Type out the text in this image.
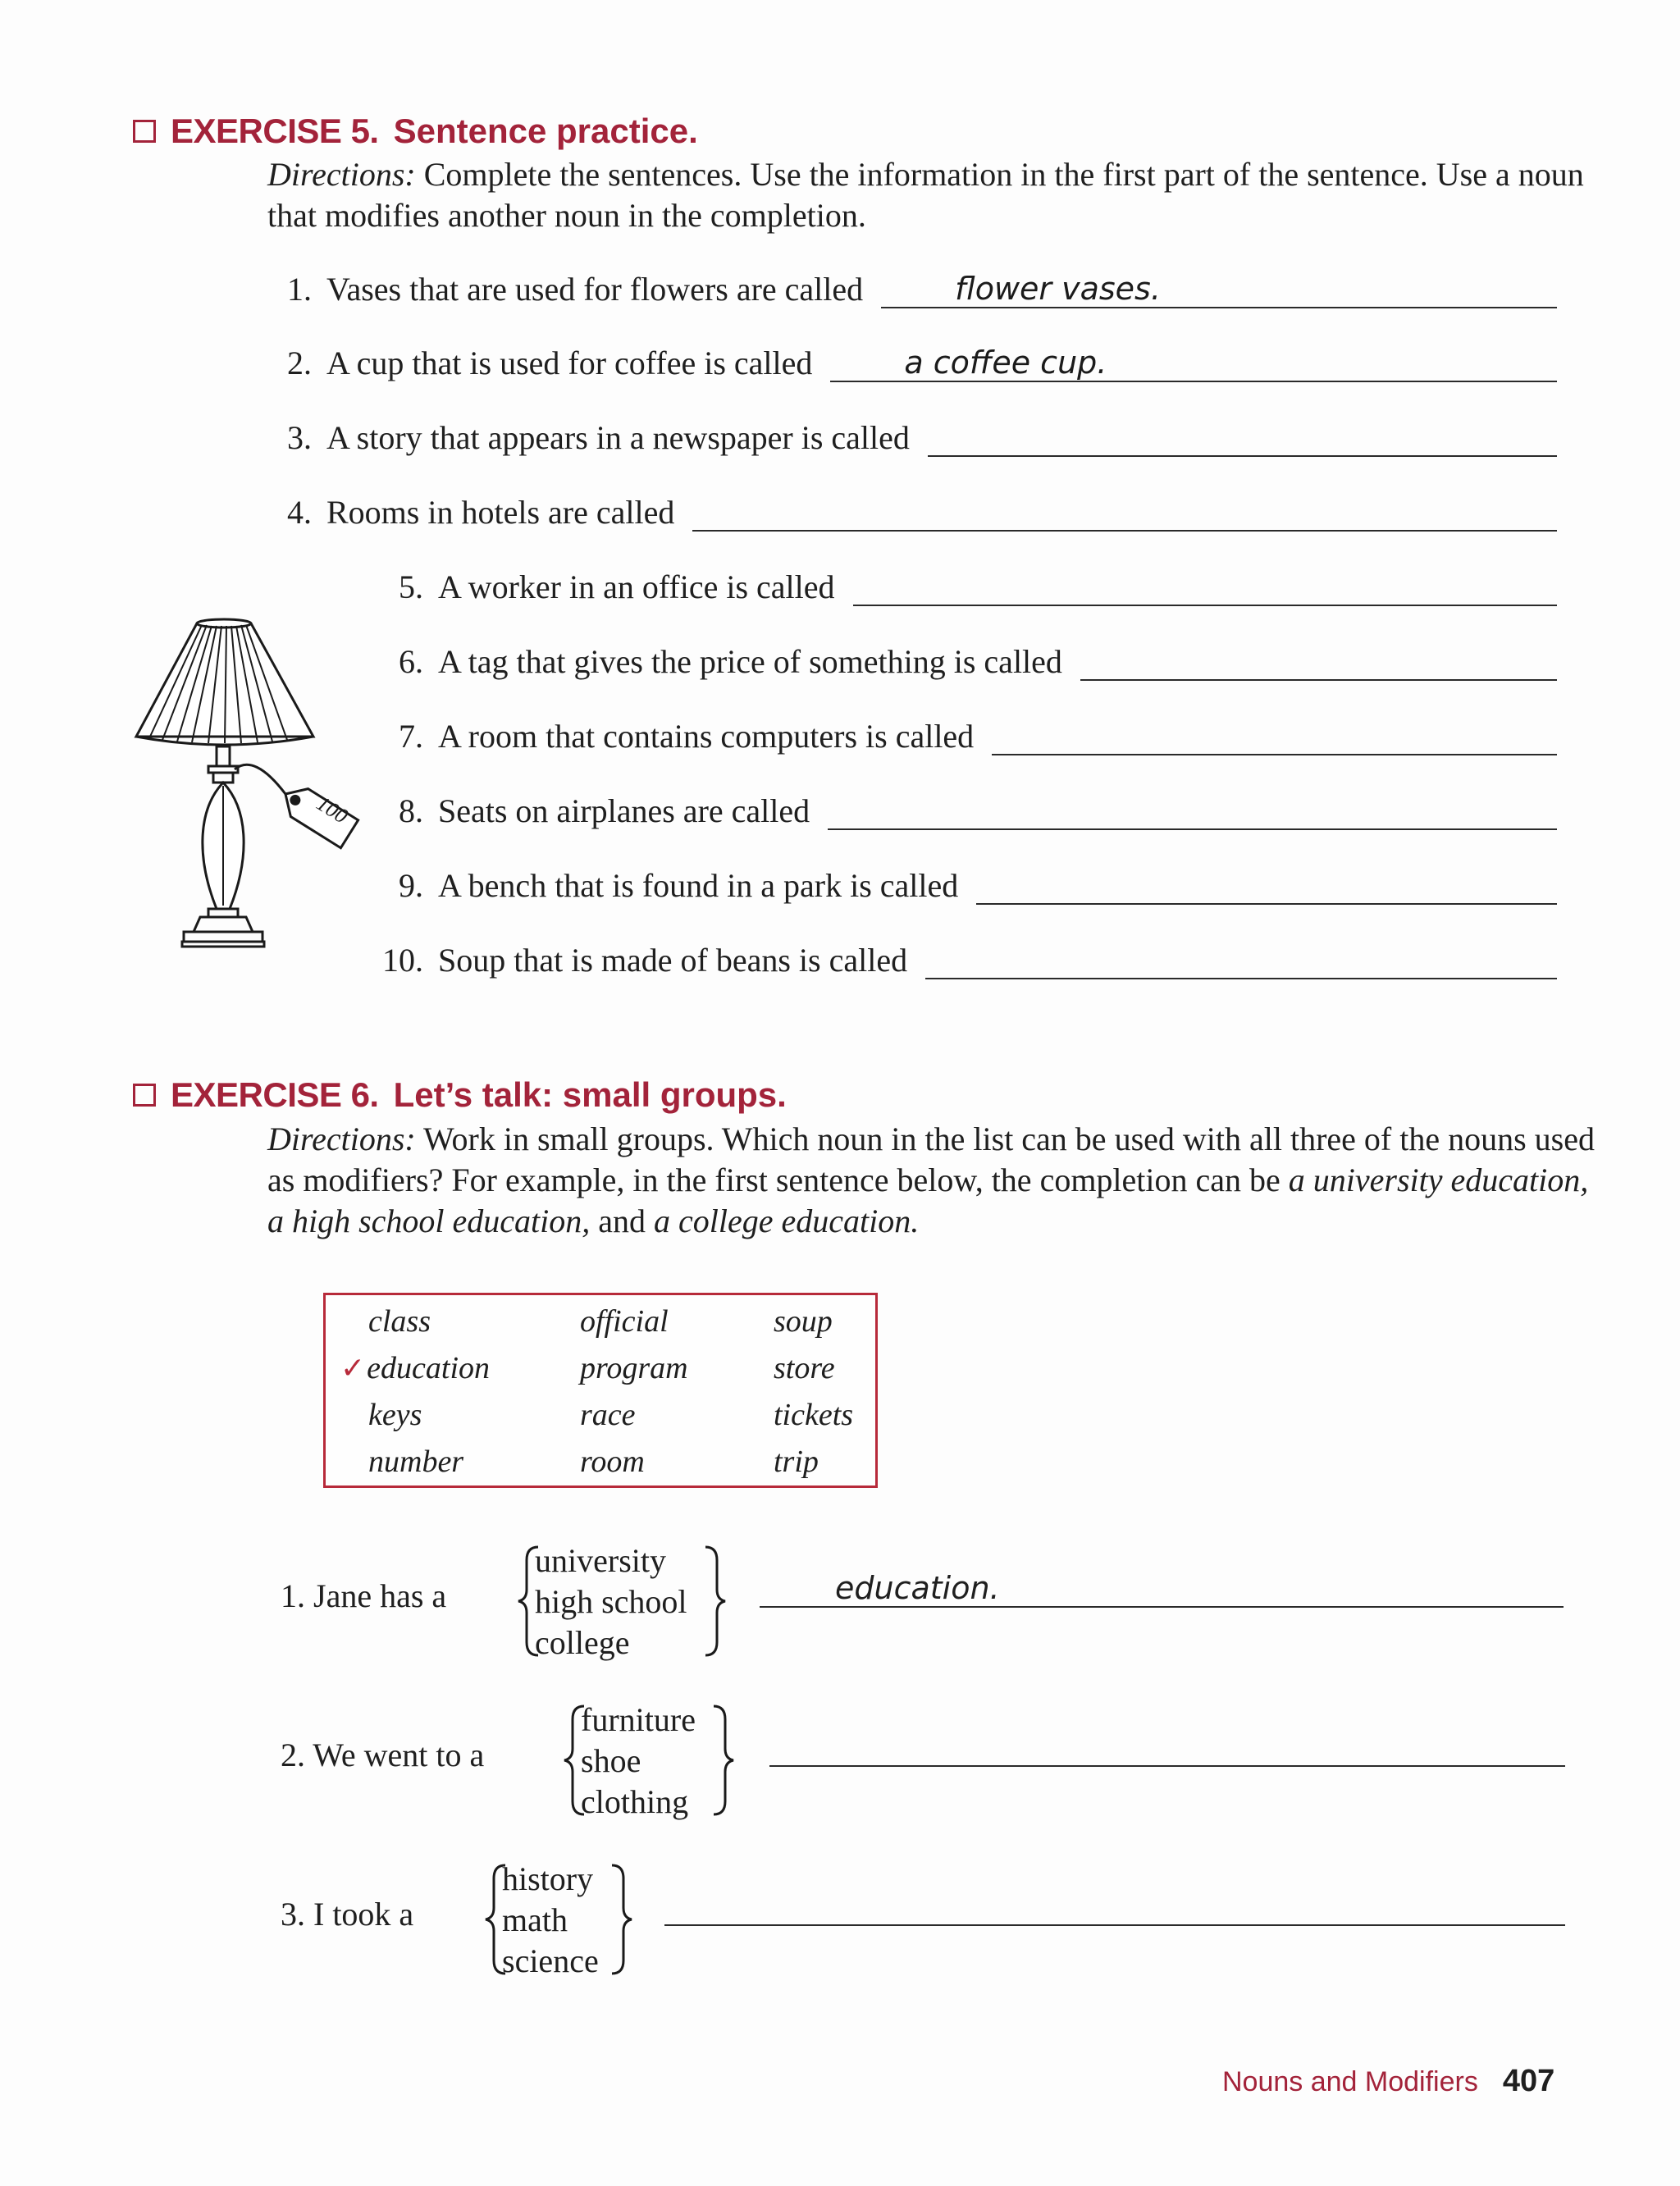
EXERCISE 5. Sentence practice.
Directions: Complete the sentences. Use the information in the first part of the sentence. Use a noun that modifies another noun in the completion.
1. Vases that are used for flowers are called	flower vases.
2. A cup that is used for coffee is called	a coffee cup.
3. A story that appears in a newspaper is called
4. Rooms in hotels are called
5. A worker in an office is called
6. A tag that gives the price of something is called
7. A room that contains computers is called
8. Seats on airplanes are called
9. A bench that is found in a park is called
10. Soup that is made of beans is called
100
EXERCISE 6. Let’s talk: small groups.
Directions: Work in small groups. Which noun in the list can be used with all three of the nouns used as modifiers? For example, in the first sentence below, the completion can be a university education, a high school education, and a college education.
class
✓education
keys
number
official
program
race
room
soup
store
tickets
trip
1. Jane has a
university
high school
college
education.
2. We went to a
furniture
shoe
clothing
3. I took a
history
math
science
Nouns and Modifiers 407
